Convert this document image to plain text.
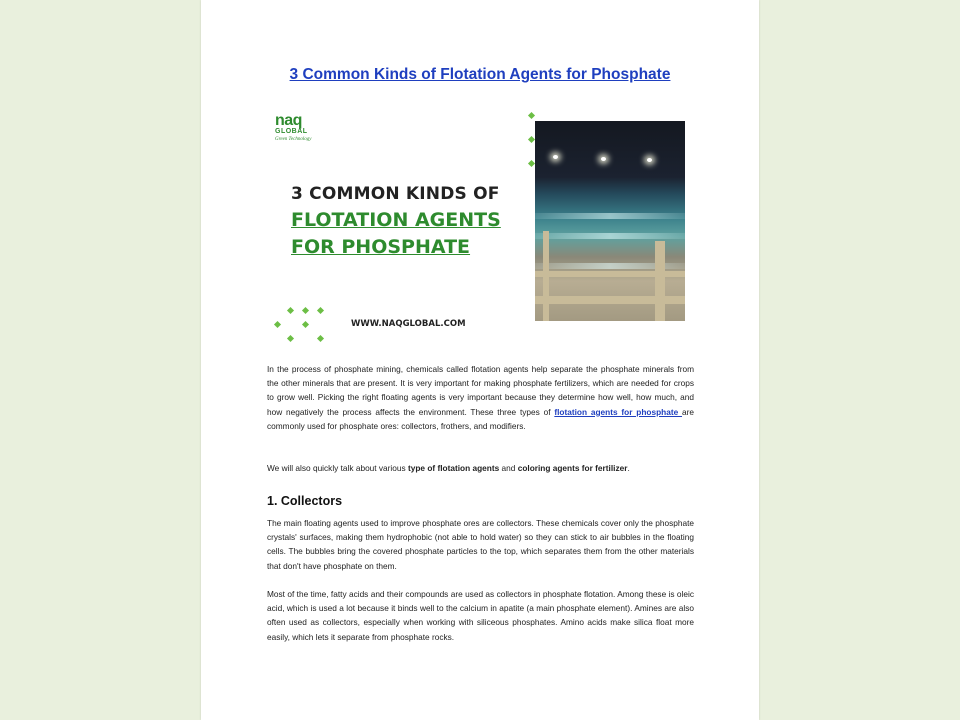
3 Common Kinds of Flotation Agents for Phosphate
naq
GLOBAL
Green Technology
3 COMMON KINDS OF
FLOTATION AGENTS
FOR PHOSPHATE
WWW.NAQGLOBAL.COM
In the process of phosphate mining, chemicals called flotation agents help separate the phosphate minerals from the other minerals that are present. It is very important for making phosphate fertilizers, which are needed for crops to grow well. Picking the right floating agents is very important because they determine how well, how much, and how negatively the process affects the environment. These three types of flotation agents for phosphate are commonly used for phosphate ores: collectors, frothers, and modifiers.
We will also quickly talk about various type of flotation agents and coloring agents for fertilizer.
1. Collectors
The main floating agents used to improve phosphate ores are collectors. These chemicals cover only the phosphate crystals' surfaces, making them hydrophobic (not able to hold water) so they can stick to air bubbles in the floating cells. The bubbles bring the covered phosphate particles to the top, which separates them from the other materials that don't have phosphate on them.
Most of the time, fatty acids and their compounds are used as collectors in phosphate flotation. Among these is oleic acid, which is used a lot because it binds well to the calcium in apatite (a main phosphate element). Amines are also often used as collectors, especially when working with siliceous phosphates. Amino acids make silica float more easily, which lets it separate from phosphate rocks.
